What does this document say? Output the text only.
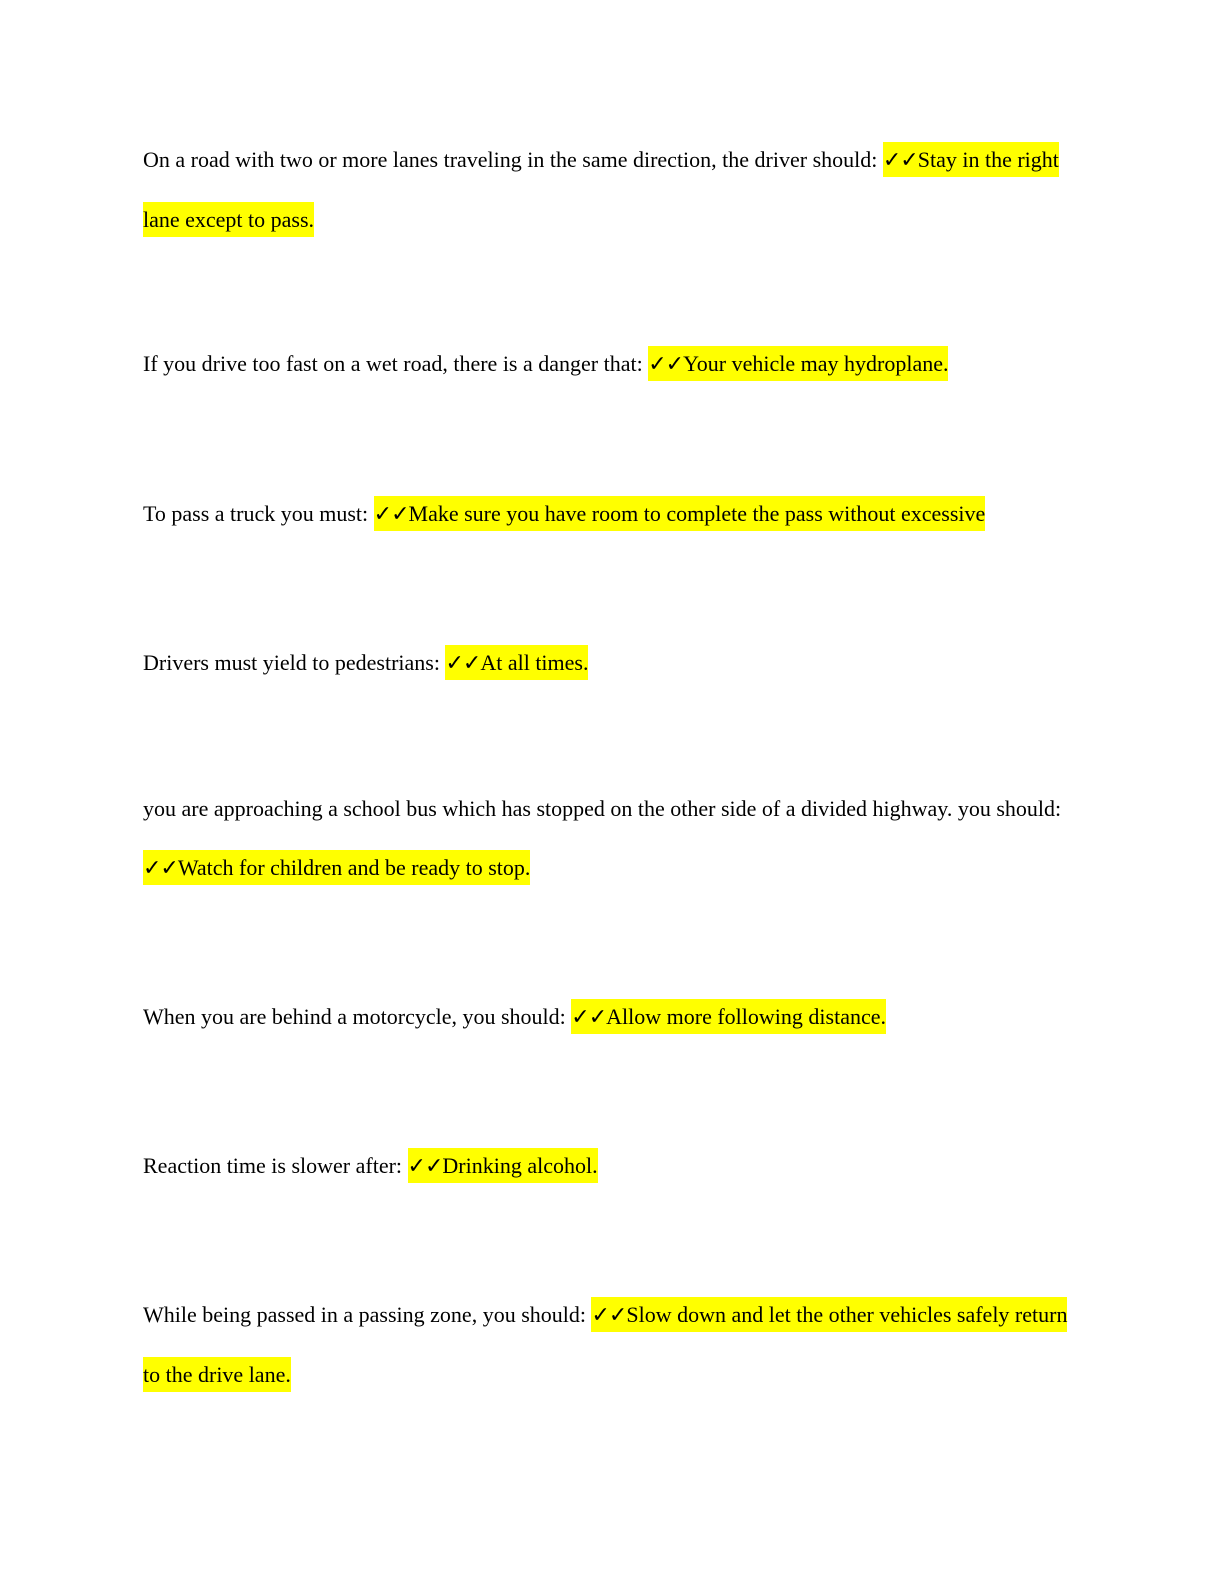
On a road with two or more lanes traveling in the same direction, the driver should: ✓✓Stay in the right lane except to pass.

If you drive too fast on a wet road, there is a danger that: ✓✓Your vehicle may hydroplane.

To pass a truck you must: ✓✓Make sure you have room to complete the pass without excessive

Drivers must yield to pedestrians: ✓✓At all times.

you are approaching a school bus which has stopped on the other side of a divided highway. you should: ✓✓Watch for children and be ready to stop.

When you are behind a motorcycle, you should: ✓✓Allow more following distance.

Reaction time is slower after: ✓✓Drinking alcohol.

While being passed in a passing zone, you should: ✓✓Slow down and let the other vehicles safely return to the drive lane.
